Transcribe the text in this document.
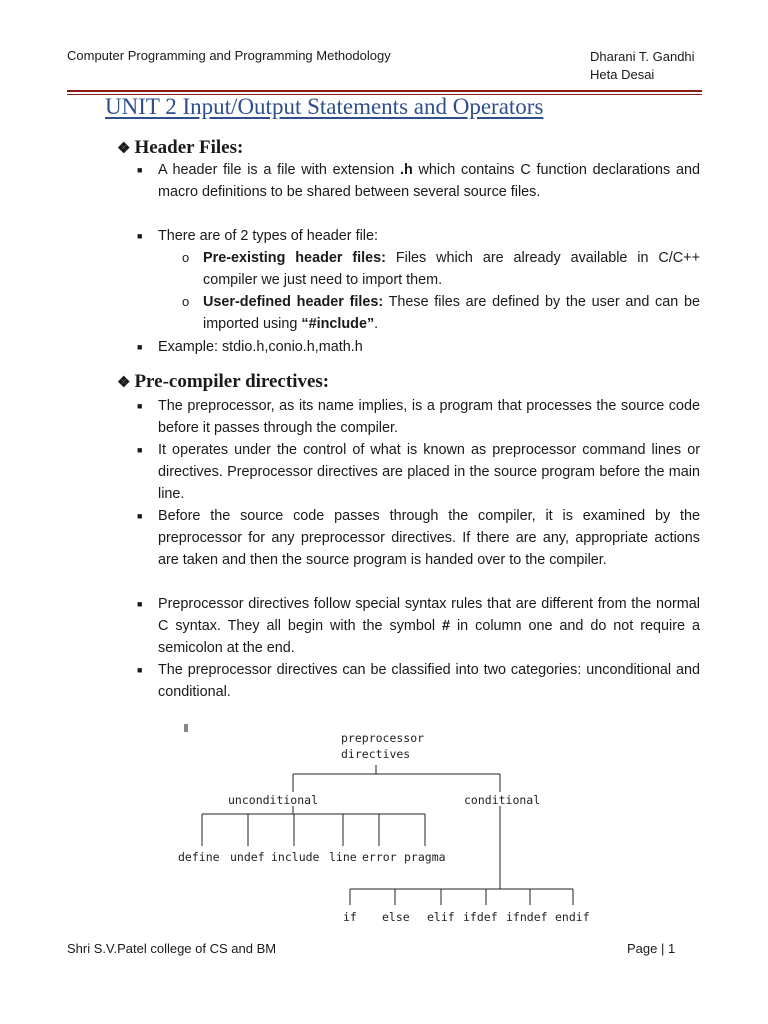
Computer Programming and Programming Methodology	Dharani T. Gandhi
Heta Desai
UNIT 2 Input/Output Statements and Operators
❖ Header Files:
■ A header file is a file with extension .h which contains C function declarations and macro definitions to be shared between several source files.
■ There are of 2 types of header file:
o Pre-existing header files: Files which are already available in C/C++ compiler we just need to import them.
o User-defined header files: These files are defined by the user and can be imported using “#include”.
■ Example: stdio.h,conio.h,math.h
❖ Pre-compiler directives:
■ The preprocessor, as its name implies, is a program that processes the source code before it passes through the compiler.
■ It operates under the control of what is known as preprocessor command lines or directives. Preprocessor directives are placed in the source program before the main line.
■ Before the source code passes through the compiler, it is examined by the preprocessor for any preprocessor directives. If there are any, appropriate actions are taken and then the source program is handed over to the compiler.
■ Preprocessor directives follow special syntax rules that are different from the normal C syntax. They all begin with the symbol # in column one and do not require a semicolon at the end.
■ The preprocessor directives can be classified into two categories: unconditional and conditional.
preprocessor
directives
unconditional	conditional
define undef include line error pragma
if else elif ifdef ifndef endif
Shri S.V.Patel college of CS and BM	Page | 1
